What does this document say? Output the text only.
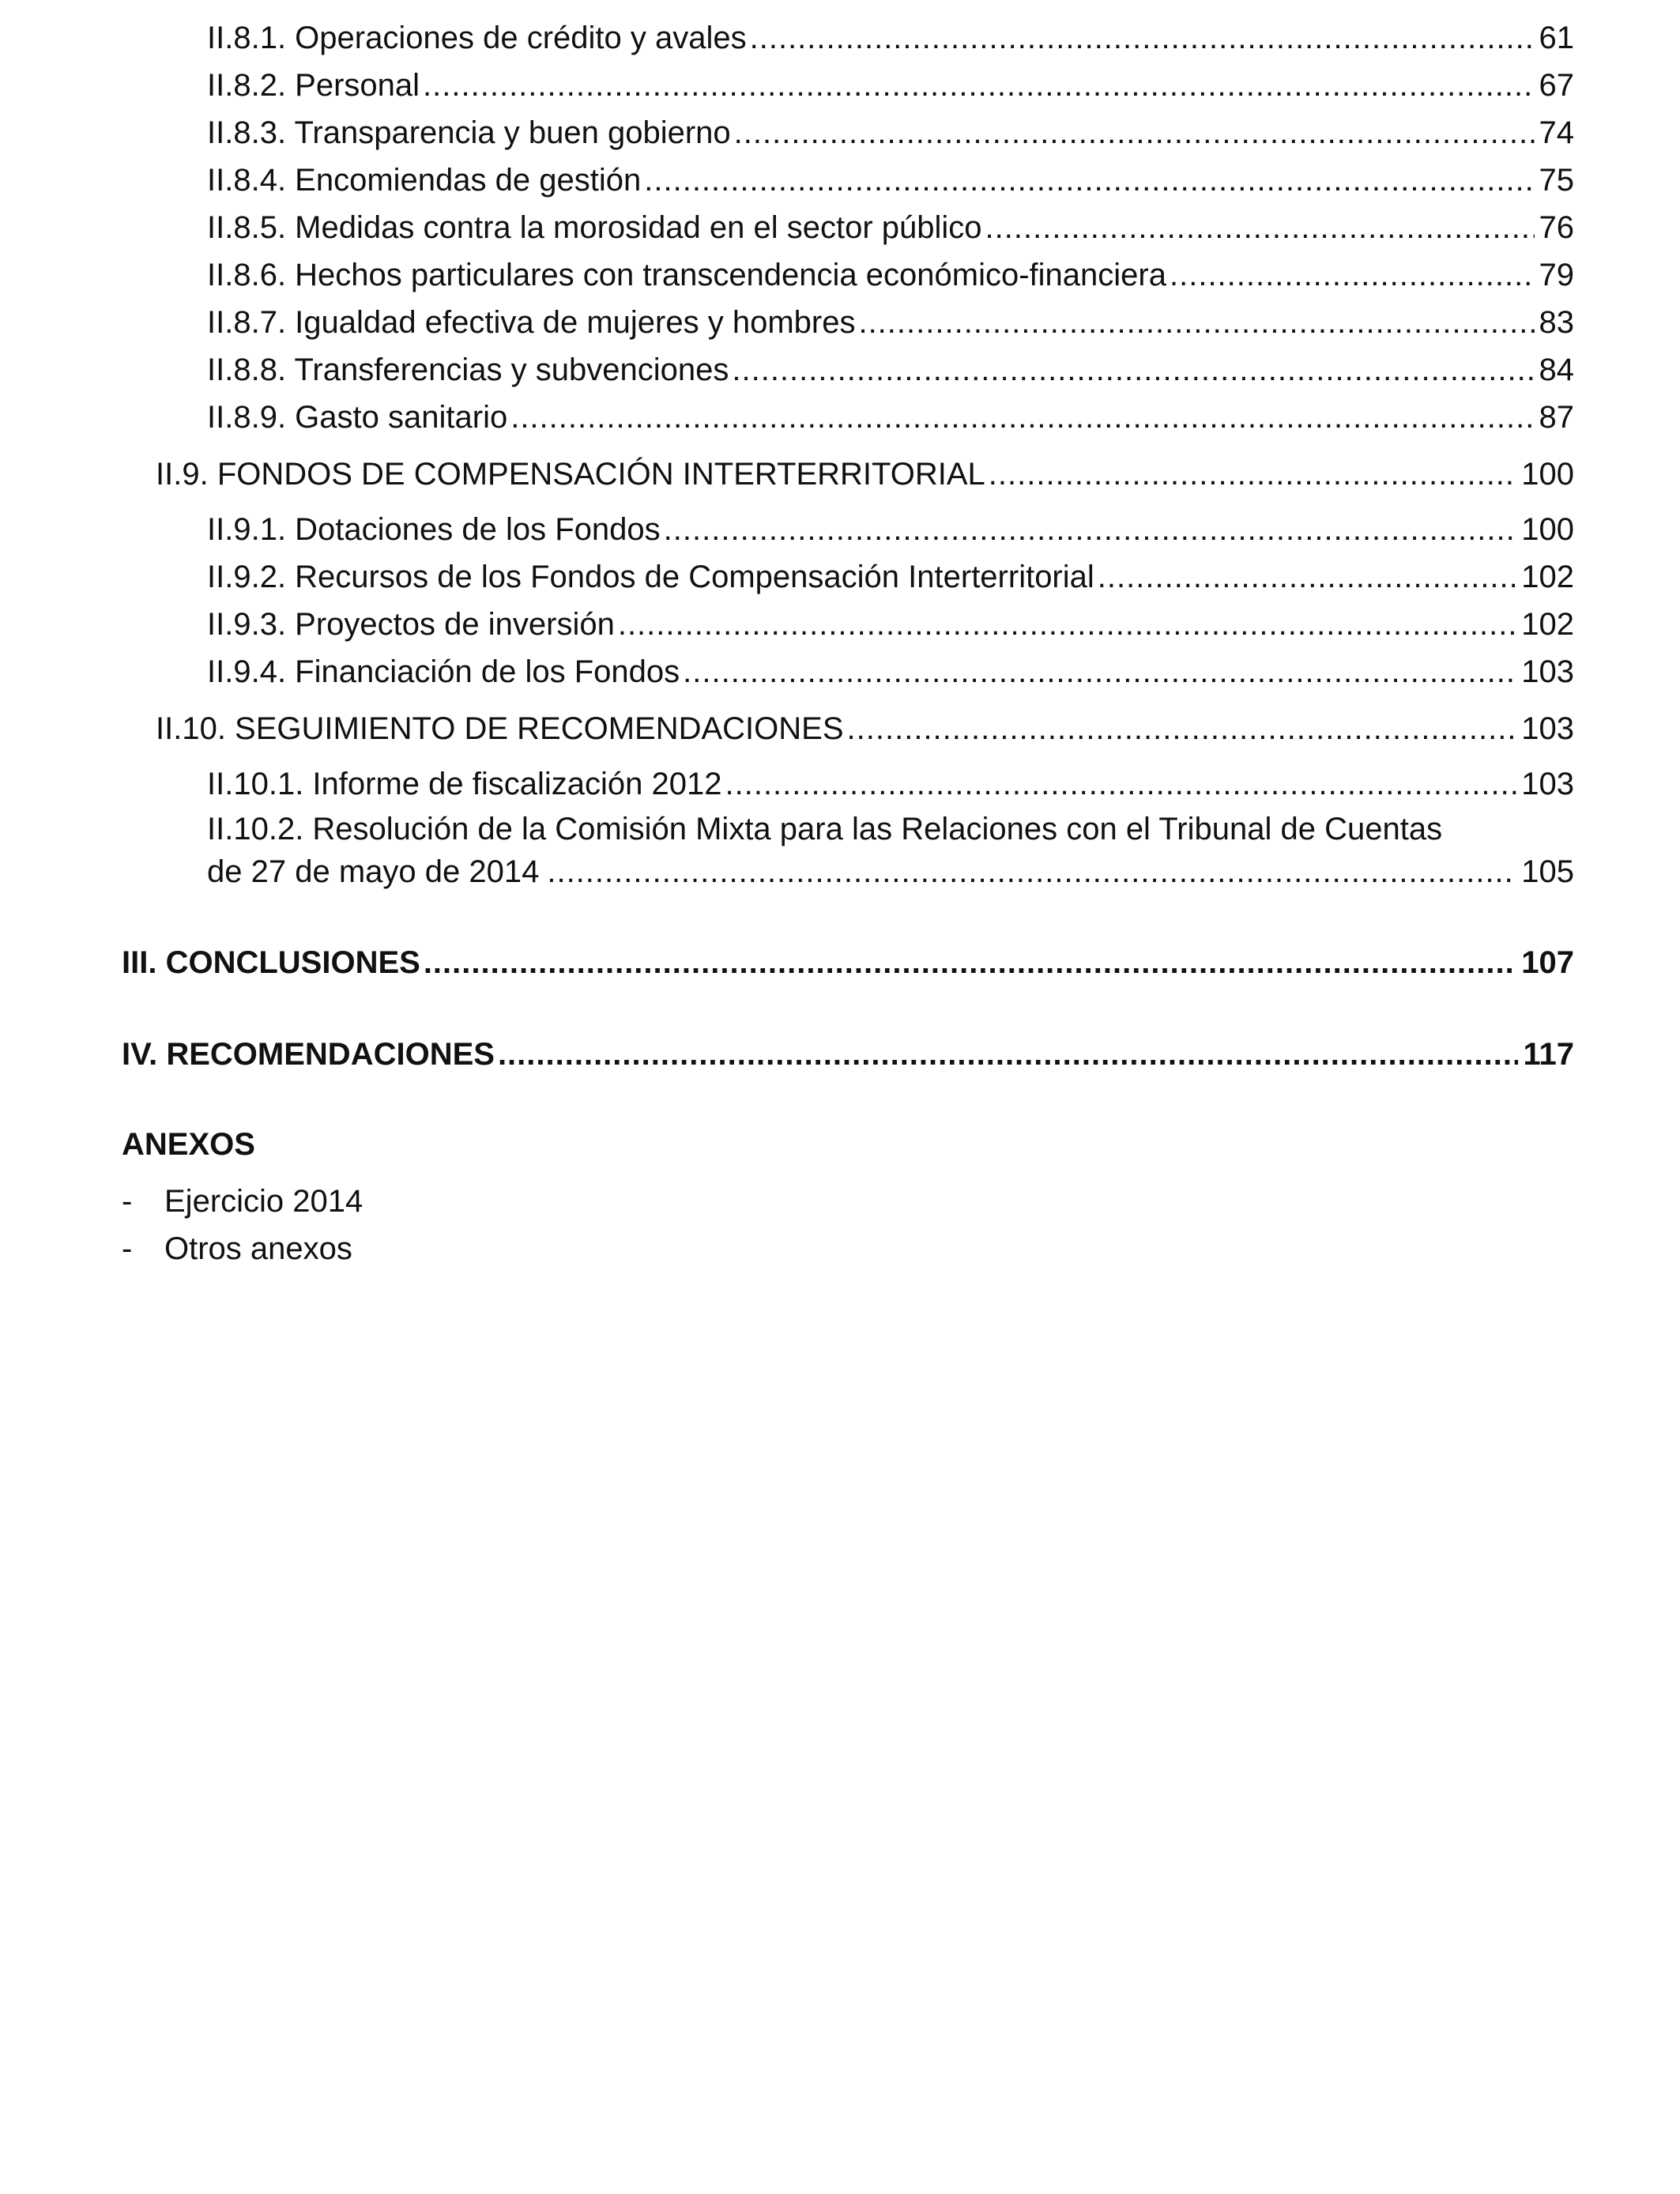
II.8.1. Operaciones de crédito y avales .....	61
II.8.2. Personal .....	67
II.8.3. Transparencia y buen gobierno .....	74
II.8.4. Encomiendas de gestión .....	75
II.8.5. Medidas contra la morosidad en el sector público .....	76
II.8.6. Hechos particulares con transcendencia económico-financiera .....	79
II.8.7. Igualdad efectiva de mujeres y hombres .....	83
II.8.8. Transferencias y subvenciones .....	84
II.8.9. Gasto sanitario .....	87
II.9. FONDOS DE COMPENSACIÓN INTERTERRITORIAL .....	100
II.9.1. Dotaciones de los Fondos .....	100
II.9.2. Recursos de los Fondos de Compensación Interterritorial .....	102
II.9.3. Proyectos de inversión .....	102
II.9.4. Financiación de los Fondos .....	103
II.10. SEGUIMIENTO DE RECOMENDACIONES .....	103
II.10.1. Informe de fiscalización 2012 .....	103
II.10.2. Resolución de la Comisión Mixta para las Relaciones con el Tribunal de Cuentas
de 27 de mayo de 2014 .....	105
III. CONCLUSIONES .....	107
IV. RECOMENDACIONES .....	117
ANEXOS
- Ejercicio 2014
- Otros anexos
